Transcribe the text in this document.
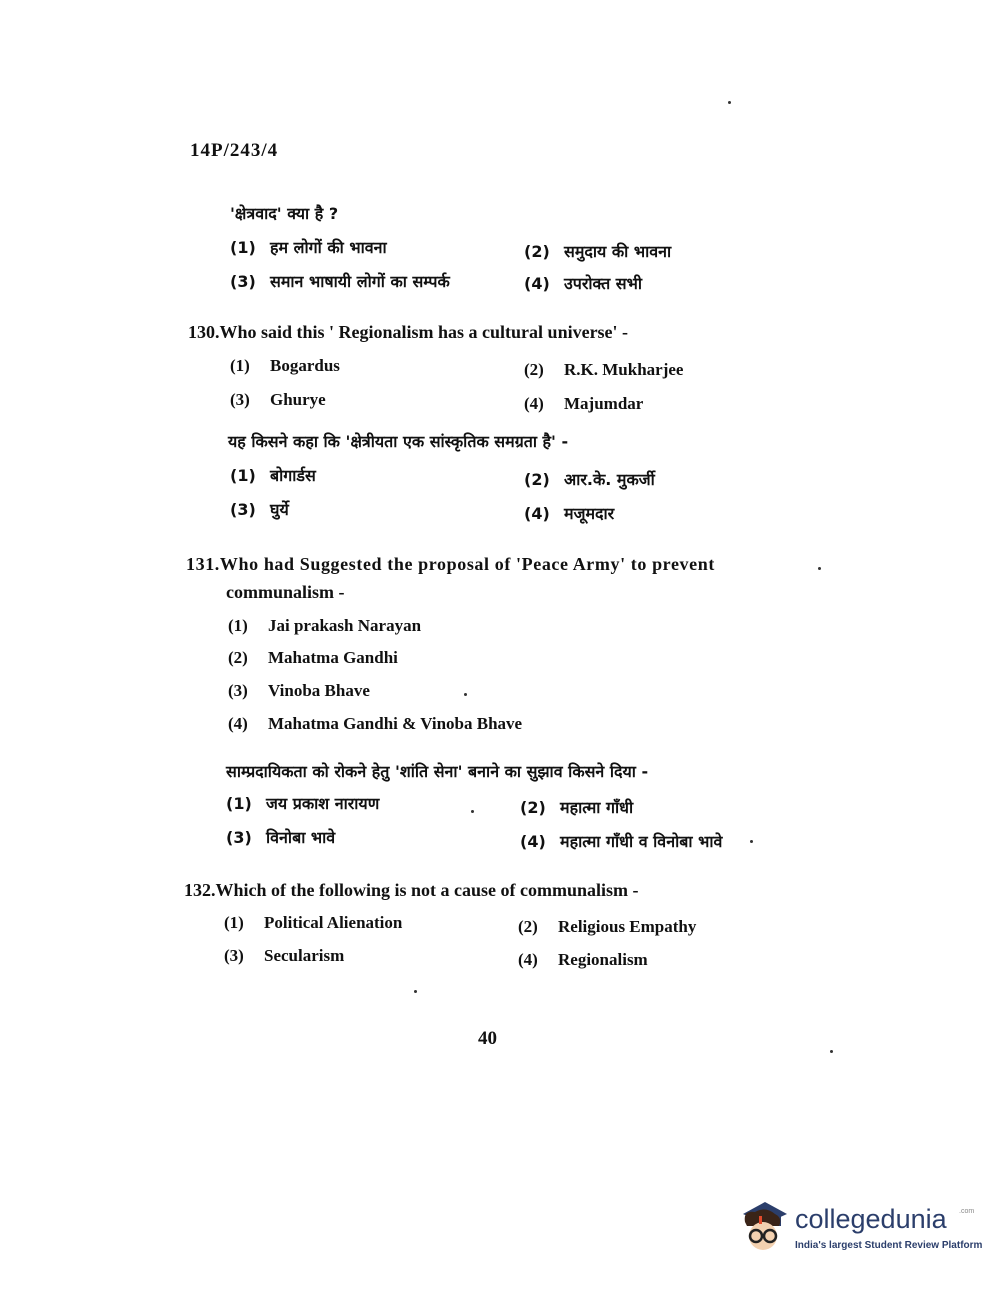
14P/243/4
'क्षेत्रवाद' क्या है ?
(1) हम लोगों की भावना	(2) समुदाय की भावना
(3) समान भाषायी लोगों का सम्पर्क	(4) उपरोक्त सभी
130.Who said this ' Regionalism has a cultural universe' -
(1) Bogardus	(2) R.K. Mukharjee
(3) Ghurye	(4) Majumdar
यह किसने कहा कि 'क्षेत्रीयता एक सांस्कृतिक समग्रता है' -
(1) बोगार्डस	(2) आर.के. मुकर्जी
(3) घुर्ये	(4) मजूमदार
131.Who had Suggested the proposal of 'Peace Army' to prevent
communalism -
(1) Jai prakash Narayan
(2) Mahatma Gandhi
(3) Vinoba Bhave
(4) Mahatma Gandhi & Vinoba Bhave
साम्प्रदायिकता को रोकने हेतु 'शांति सेना' बनाने का सुझाव किसने दिया -
(1) जय प्रकाश नारायण	(2) महात्मा गाँधी
(3) विनोबा भावे	(4) महात्मा गाँधी व विनोबा भावे
132.Which of the following is not a cause of communalism -
(1) Political Alienation	(2) Religious Empathy
(3) Secularism	(4) Regionalism
40
collegedunia .com
India's largest Student Review Platform
